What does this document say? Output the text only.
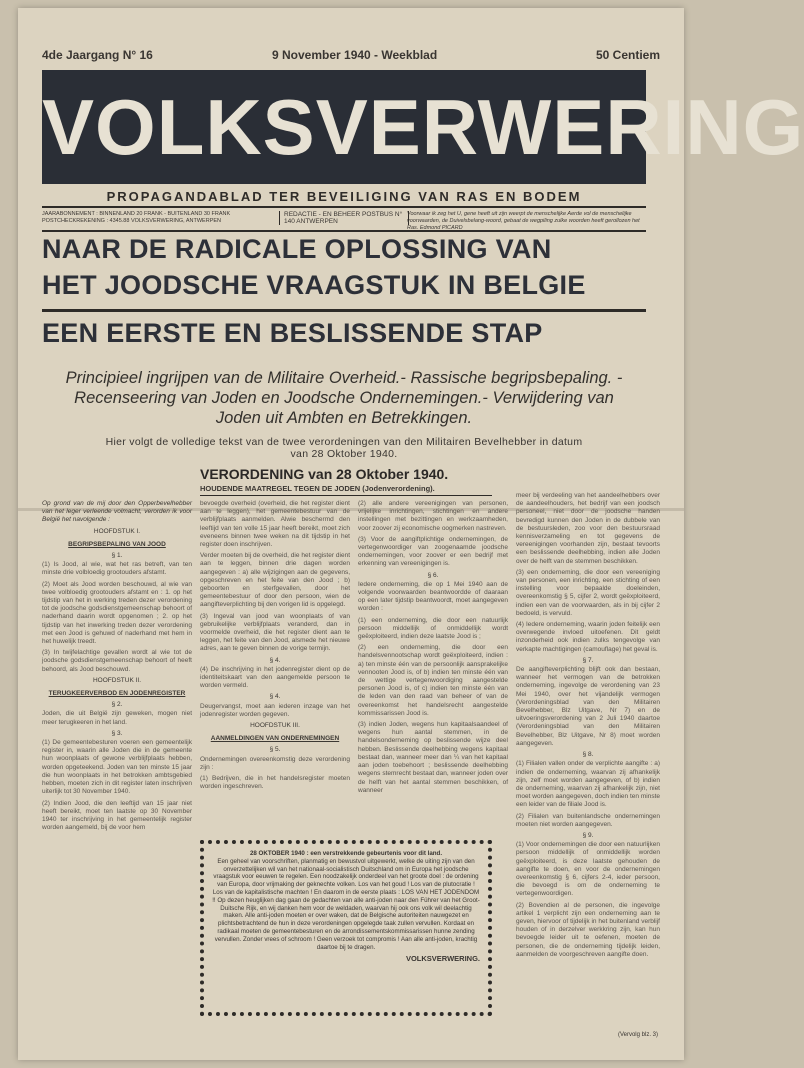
4de Jaargang N° 16	9 November 1940 - Weekblad	50 Centiem
VOLKSVERWERING
PROPAGANDABLAD TER BEVEILIGING VAN RAS EN BODEM
JAARABONNEMENT : BINNENLAND 20 FRANK - BUITENLAND 30 FRANK POSTCHECKREKENING : 4345.88 VOLKSVERWERING, ANTWERPEN
REDACTIE - EN BEHEER POSTBUS N° 140 ANTWERPEN
Voorwaar ik zeg het U, gene heeft uit zijn weerpt de menschelijke Aerde vol de menschelijke voorwaarden, de Duivelsbelang-woord, gebaat de wegpiling zulke woorden heeft gerollozen het Ras. Edmond PICARD
NAAR DE RADICALE OPLOSSING VAN
HET JOODSCHE VRAAGSTUK IN BELGIE
EEN EERSTE EN BESLISSENDE STAP
Principieel ingrijpen van de Militaire Overheid.- Rassische begripsbepaling. - Recenseering van Joden en Joodsche Ondernemingen.- Verwijdering van Joden uit Ambten en Betrekkingen.
Hier volgt de volledige tekst van de twee verordeningen van den Militairen Bevelhebber in datum van 28 Oktober 1940.
VERORDENING van 28 Oktober 1940.
HOUDENDE MAATREGEL TEGEN DE JODEN (Jodenverordening).

Op grond van de mij door den Opperbevelhebber van het leger verleende volmacht, verorden ik voor België het navolgende :

HOOFDSTUK I.
BEGRIPSBEPALING VAN JOOD
§ 1.

(1) Is Jood, al wie, wat het ras betreft, van ten minste drie volbloedig grootouders afstamt.

(2) Moet als Jood worden beschouwd, al wie van twee volbloedig grootouders afstamt en : 1. op het tijdstip van het in werking treden dezer verordening tot de joodsche godsdienstgemeenschap behoort of naderhand daarin wordt opgenomen ; 2. op het tijdstip van het inwerking treden dezer verordening met een Jood is gehuwd of naderhand met hem in het huwelijk treedt.

(3) In twijfelachtige gevallen wordt al wie tot de joodsche godsdienstgemeenschap behoort of heeft behoord, als Jood beschouwd.

HOOFDSTUK II.
TERUGKEERVERBOD EN JODENREGISTER
§ 2.

Joden, die uit België zijn geweken, mogen niet meer terugkeeren in het land.

§ 3.

(1) De gemeentebesturen voeren een gemeentelijk register in, waarin alle Joden die in de gemeente hun woonplaats of gewone verblijfplaats hebben, worden opgeteekend. Joden van ten minste 15 jaar die hun woonplaats in het betrokken ambtsgebied hebben, moeten zich in dit register laten inschrijven uiterlijk tot 30 November 1940.

(2) Indien Jood, die den leeftijd van 15 jaar niet heeft bereikt, moet ten laatste op 30 November 1940 ter inschrijving in het gemeentelijk register worden aangemeld, bij de voor hem

bevoegde overheid (overheid, die het register dient aan te leggen), het gemeentebestuur van de verblijfplaats aanmelden. Alwie beschermd den leeftijd van ten volle 15 jaar heeft bereikt, moet zich eveneens binnen twee weken na dit tijdstip in het register doen inschrijven.

Verder moeten bij de overheid, die het register dient aan te leggen, binnen drie dagen worden aangegeven : a) alle wijzigingen aan de gegevens, opgeschreven en het feite van den Jood ; b) geboorten en sterfgevallen, door het gemeentebestuur of door den persoon, wien de aangifteverplichting bij den vorigen lid is opgelegd.

(3) Ingeval van jood van woonplaats of van gebruikelijke verblijfplaats veranderd, dan in voormelde overheid, die het register dient aan te leggen, het feite van den Jood, alsmede het nieuwe adres, aan te geven binnen de vorige termijn.

§ 4.

(4) De inschrijving in het jodenregister dient op de identiteitskaart van den aangemelde persoon te worden vermeld.

§ 4.

Deugervangst, moet aan iederen inzage van het jodenregister worden gegeven.

HOOFDSTUK III.
AANMELDINGEN VAN ONDERNEMINGEN
§ 5.

Ondernemingen overeenkomstig deze verordening zijn :

(1) Bedrijven, die in het handelsregister moeten worden ingeschreven.

(2) alle andere vereenigingen van personen, vrijelijke inrichtingen, stichtingen en andere instellingen met bezittingen en werkzaamheden, voor zoover zij economische oogmerken nastreven.

(3) Voor de aangiftplichtige ondernemingen, de vertegenwoordiger van zoogenaamde joodsche ondernemingen, voor zoover er een bedrijf met erkenning van vereenigingen is.

§ 6.

Iedere onderneming, die op 1 Mei 1940 aan de volgende voorwaarden beantwoordde of daaraan op een later tijdstip beantwoordt, moet aangegeven worden :

(1) een onderneming, die door een natuurlijk persoon middellijk of onmiddellijk wordt geëxploiteerd, indien deze laatste Jood is ;

(2) een onderneming, die door een handelsvennootschap wordt geëxploiteerd, indien : a) ten minste één van de persoonlijk aansprakelijke vennooten Jood is, of b) indien ten minste één van de wettige vertegenwoordiging aangestelde personen Jood is, of c) indien ten minste één van de leden van den raad van beheer of van de overeenkomst het handelsrecht aangestelde kommissarissen Jood is.

(3) indien Joden, wegens hun kapitaalsaandeel of wegens hun aantal stemmen, in de handelsonderneming op beslissende wijze deel hebben. Beslissende deelhebbing wegens kapitaal bestaat dan, wanneer meer dan ¼ van het kapitaal aan joden toebehoort ; beslissende deelhebbing wegens stemrecht bestaat dan, wanneer joden over de helft van het aantal stemmen beschikken, of wanneer

meer bij verdeeling van het aandeelhebbers over de aandeelhouders, het bedrijf van een joodsch personeel, niet door de joodsche handen bevredigd kunnen den Joden in de dubbele van de bestuursleden, zoo voor den bestuursraad kennisverzameling en tot gegevens de vereenigingen voorhanden zijn, bestaat tevoorts een beslissende deelhebbing, indien alle Joden over de helft van de stemmen beschikken.

(3) een onderneming, die door een vereeniging van personen, een inrichting, een stichting of een instelling voor bepaalde doeleinden, overeenkomstig § 5, cijfer 2, wordt geëxploiteerd, indien een van de voorwaarden, als in bij cijfer 2 bedoeld, is vervuld.

(4) Iedere onderneming, waarin joden feitelijk een overwegende invloed uitoefenen. Dit geldt inzonderheid ook indien zulks tengevolge van verkapte machtigingen (camouflage) het geval is.

§ 7.

De aangifteverplichting blijft ook dan bestaan, wanneer het vermogen van de betrokken onderneming, ingevolge de verordening van 23 Mei 1940, over het vijandelijk vermogen (Verordeningsblad van den Militairen Bevelhebber, Blz Uitgave, Nr 7) en de uitvoeringsverordening van 2 Juli 1940 daartoe (Verordeningsblad van den Militairen Bevelhebber, Blz Uitgave, Nr 8) moet worden aangegeven.

§ 8.

(1) Filialen vallen onder de verplichte aangifte : a) indien de onderneming, waarvan zij afhankelijk zijn, zelf moet worden aangegeven, of b) indien de onderneming, waarvan zij afhankelijk zijn, niet moet worden aangegeven, doch indien ten minste een leider van de filiale Jood is.

(2) Filialen van buitenlandsche ondernemingen moeten niet worden aangegeven.

§ 9.

(1) Voor ondernemingen die door een natuurlijken persoon middellijk of onmiddellijk worden geëxploiteerd, is deze laatste gehouden de aangifte te doen, en voor de ondernemingen overeenkomstig § 6, cijfers 2-4, ieder persoon, die bevoegd is om de onderneming te vertegenwoordigen.

(2) Bovendien al de personen, die ingevolge artikel 1 verplicht zijn een onderneming aan te geven, hiervoor of tijdelijk in het buitenland verblijf houden of in derzelver werkkring zijn, kan hun bevoegde leider uit te oefenen, moeten de personen, die de onderneming tijdelijk leiden, aanmelden de voorgeschreven aangifte doen.

28 OKTOBER 1940 : een verstrekkende gebeurtenis voor dit land.
Een geheel van voorschriften, planmatig en bewustvol uitgewerkt, welke de uiting zijn van den onverzettelijken wil van het nationaal-socialistisch Duitschland om in Europa het joodsche vraagstuk voor eeuwen te regelen. Een noodzakelijk onderdeel van het groote doel : de ordening van Europa, door vrijmaking der geknechte volken. Los van het goud ! Los van de plutocratie ! Los van de kapitalistische machten ! En daarom in de eerste plaats : LOS VAN HET JODENDOM !! Op dezen heuglijken dag gaan de gedachten van alle anti-joden naar den Führer van het Groot-Duitsche Rijk, en wij danken hem voor de weldaden, waarvan hij ook ons volk wil deelachtig maken. Alle anti-joden moeten er over waken, dat de Belgische autoriteiten nauwgezet en plichtsbetrachtend de hun in deze verordeningen opgelegde taak zullen vervullen. Kordaat en radikaal moeten de gemeentebesturen en de arrondissementskommissarissen hunne zending vervullen. Zonder vrees of schroom ! Geen verzoek tot compromis ! Aan alle anti-joden, krachtig daartoe bij te dragen.
VOLKSVERWERING.
(Vervolg blz. 3)
